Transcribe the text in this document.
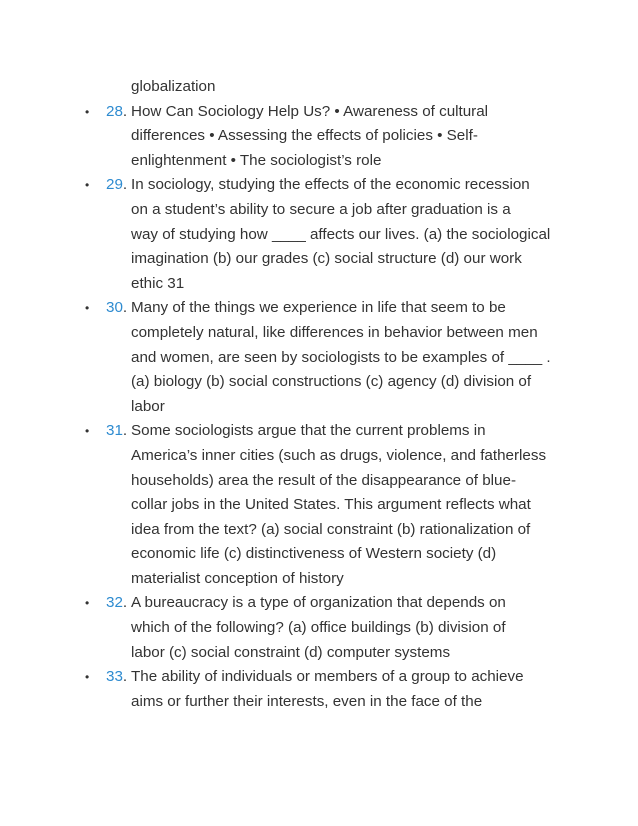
globalization
• 28. How Can Sociology Help Us? • Awareness of cultural
differences • Assessing the effects of policies • Self-
enlightenment • The sociologist’s role
• 29. In sociology, studying the effects of the economic recession
on a student’s ability to secure a job after graduation is a
way of studying how ____ affects our lives. (a) the sociological
imagination (b) our grades (c) social structure (d) our work
ethic 31
• 30. Many of the things we experience in life that seem to be
completely natural, like differences in behavior between men
and women, are seen by sociologists to be examples of ____ .
(a) biology (b) social constructions (c) agency (d) division of
labor
• 31. Some sociologists argue that the current problems in
America’s inner cities (such as drugs, violence, and fatherless
households) area the result of the disappearance of blue-
collar jobs in the United States. This argument reflects what
idea from the text? (a) social constraint (b) rationalization of
economic life (c) distinctiveness of Western society (d)
materialist conception of history
• 32. A bureaucracy is a type of organization that depends on
which of the following? (a) office buildings (b) division of
labor (c) social constraint (d) computer systems
• 33. The ability of individuals or members of a group to achieve
aims or further their interests, even in the face of the
